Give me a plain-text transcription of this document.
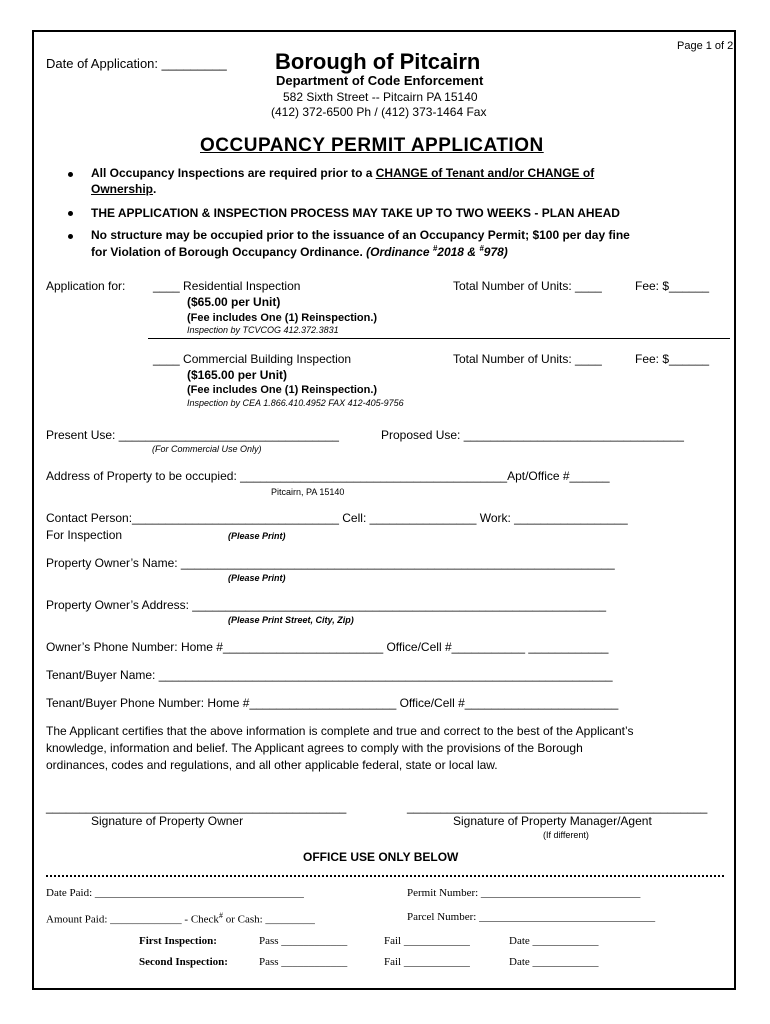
Page 1 of 2
Date of Application: _________ Borough of Pitcairn
Department of Code Enforcement
582 Sixth Street -- Pitcairn PA 15140
(412) 372-6500 Ph / (412) 373-1464 Fax
OCCUPANCY PERMIT APPLICATION
All Occupancy Inspections are required prior to a CHANGE of Tenant and/or CHANGE of
Ownership.
THE APPLICATION & INSPECTION PROCESS MAY TAKE UP TO TWO WEEKS - PLAN AHEAD
No structure may be occupied prior to the issuance of an Occupancy Permit; $100 per day fine
for Violation of Borough Occupancy Ordinance. (Ordinance #2018 & #978)
Application for: ____ Residential Inspection	Total Number of Units: ____	Fee: $______
($65.00 per Unit)
(Fee includes One (1) Reinspection.)
Inspection by TCVCOG 412.372.3831
____ Commercial Building Inspection	Total Number of Units: ____	Fee: $______
($165.00 per Unit)
(Fee includes One (1) Reinspection.)
Inspection by CEA 1.866.410.4952 FAX 412-405-9756
Present Use: _________________________________	Proposed Use: _________________________________
(For Commercial Use Only)
Address of Property to be occupied: ________________________________________Apt/Office #______
Pitcairn, PA 15140
Contact Person:_______________________________ Cell: ________________ Work: _________________
For Inspection	(Please Print)
Property Owner’s Name: _________________________________________________________________
(Please Print)
Property Owner’s Address: ______________________________________________________________
(Please Print Street, City, Zip)
Owner’s Phone Number: Home #________________________ Office/Cell #___________ ____________
Tenant/Buyer Name: ____________________________________________________________________
Tenant/Buyer Phone Number: Home #______________________ Office/Cell #_______________________
The Applicant certifies that the above information is complete and true and correct to the best of the Applicant’s
knowledge, information and belief. The Applicant agrees to comply with the provisions of the Borough
ordinances, codes and regulations, and all other applicable federal, state or local law.
_____________________________________________
Signature of Property Owner
_____________________________________________
Signature of Property Manager/Agent
(If different)
OFFICE USE ONLY BELOW
Date Paid: ______________________________________	Permit Number: _____________________________
Amount Paid: _____________ - Check# or Cash: _________	Parcel Number: ________________________________
First Inspection:	Pass ____________	Fail ____________	Date ____________
Second Inspection:	Pass ____________	Fail ____________	Date ____________
